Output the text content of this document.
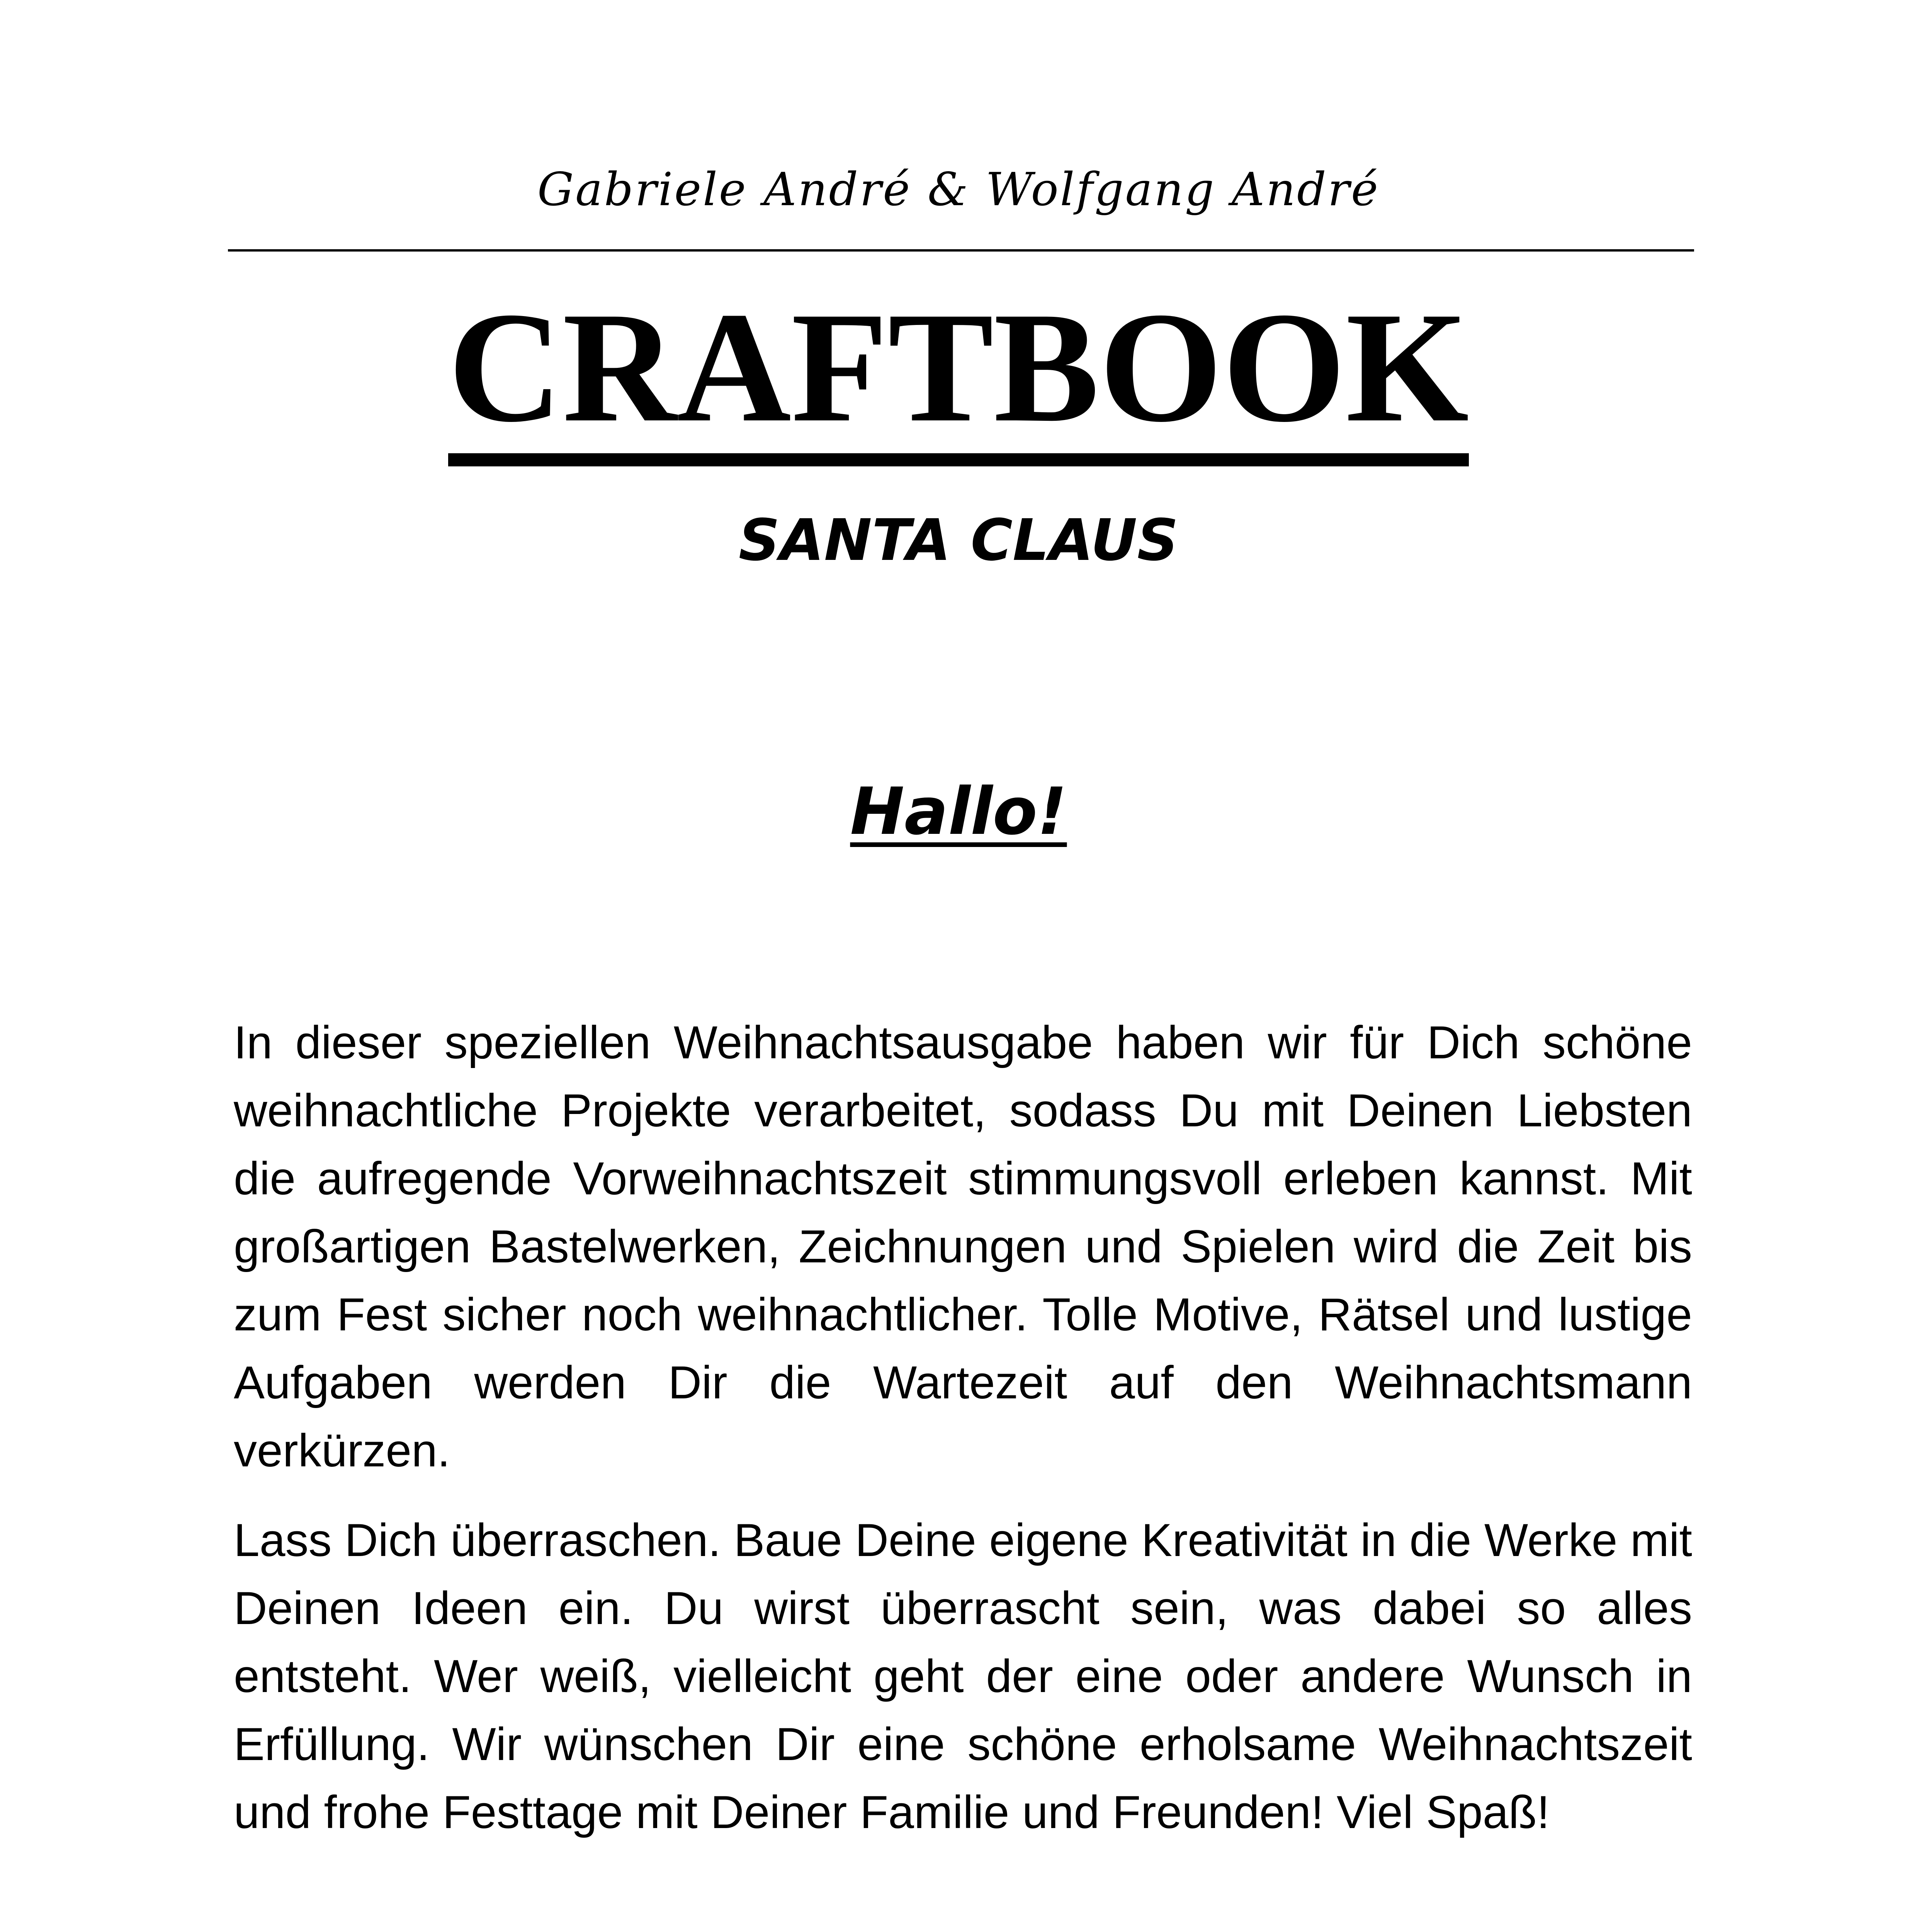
Gabriele André & Wolfgang André
CRAFTBOOK
SANTA CLAUS
Hallo!

In dieser speziellen Weihnachtsausgabe haben wir für Dich schöne weihnachtliche Projekte verarbeitet, sodass Du mit Deinen Liebsten die aufregende Vorweihnachtszeit stimmungsvoll erleben kannst. Mit großartigen Bastelwerken, Zeichnungen und Spielen wird die Zeit bis zum Fest sicher noch weihnachtlicher. Tolle Motive, Rätsel und lustige Aufgaben werden Dir die Wartezeit auf den Weihnachtsmann verkürzen.

Lass Dich überraschen. Baue Deine eigene Kreativität in die Werke mit Deinen Ideen ein. Du wirst überrascht sein, was dabei so alles entsteht. Wer weiß, vielleicht geht der eine oder andere Wunsch in Erfüllung. Wir wünschen Dir eine schöne erholsame Weihnachtszeit und frohe Festtage mit Deiner Familie und Freunden! Viel Spaß!
